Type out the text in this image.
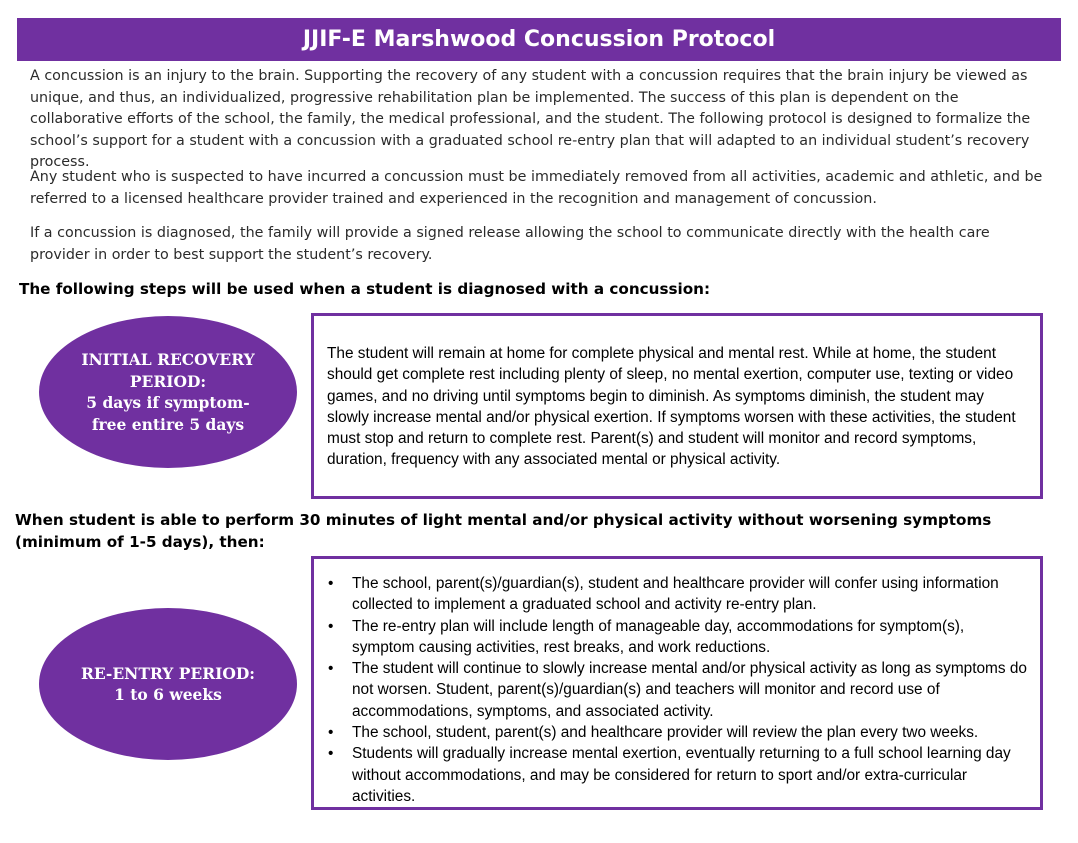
JJIF-E Marshwood Concussion Protocol

A concussion is an injury to the brain. Supporting the recovery of any student with a concussion requires that the brain injury be viewed as unique, and thus, an individualized, progressive rehabilitation plan be implemented. The success of this plan is dependent on the collaborative efforts of the school, the family, the medical professional, and the student. The following protocol is designed to formalize the school’s support for a student with a concussion with a graduated school re-entry plan that will adapted to an individual student’s recovery process.

Any student who is suspected to have incurred a concussion must be immediately removed from all activities, academic and athletic, and be referred to a licensed healthcare provider trained and experienced in the recognition and management of concussion.

If a concussion is diagnosed, the family will provide a signed release allowing the school to communicate directly with the health care provider in order to best support the student’s recovery.

The following steps will be used when a student is diagnosed with a concussion:

INITIAL RECOVERY
PERIOD:
5 days if symptom-
free entire 5 days
The student will remain at home for complete physical and mental rest. While at home, the student should get complete rest including plenty of sleep, no mental exertion, computer use, texting or video games, and no driving until symptoms begin to diminish. As symptoms diminish, the student may slowly increase mental and/or physical exertion. If symptoms worsen with these activities, the student must stop and return to complete rest. Parent(s) and student will monitor and record symptoms, duration, frequency with any associated mental or physical activity.

When student is able to perform 30 minutes of light mental and/or physical activity without worsening symptoms (minimum of 1-5 days), then:

RE-ENTRY PERIOD:
1 to 6 weeks
• The school, parent(s)/guardian(s), student and healthcare provider will confer using information collected to implement a graduated school and activity re-entry plan.
• The re-entry plan will include length of manageable day, accommodations for symptom(s), symptom causing activities, rest breaks, and work reductions.
• The student will continue to slowly increase mental and/or physical activity as long as symptoms do not worsen. Student, parent(s)/guardian(s) and teachers will monitor and record use of accommodations, symptoms, and associated activity.
• The school, student, parent(s) and healthcare provider will review the plan every two weeks.
• Students will gradually increase mental exertion, eventually returning to a full school learning day without accommodations, and may be considered for return to sport and/or extra-curricular activities.
